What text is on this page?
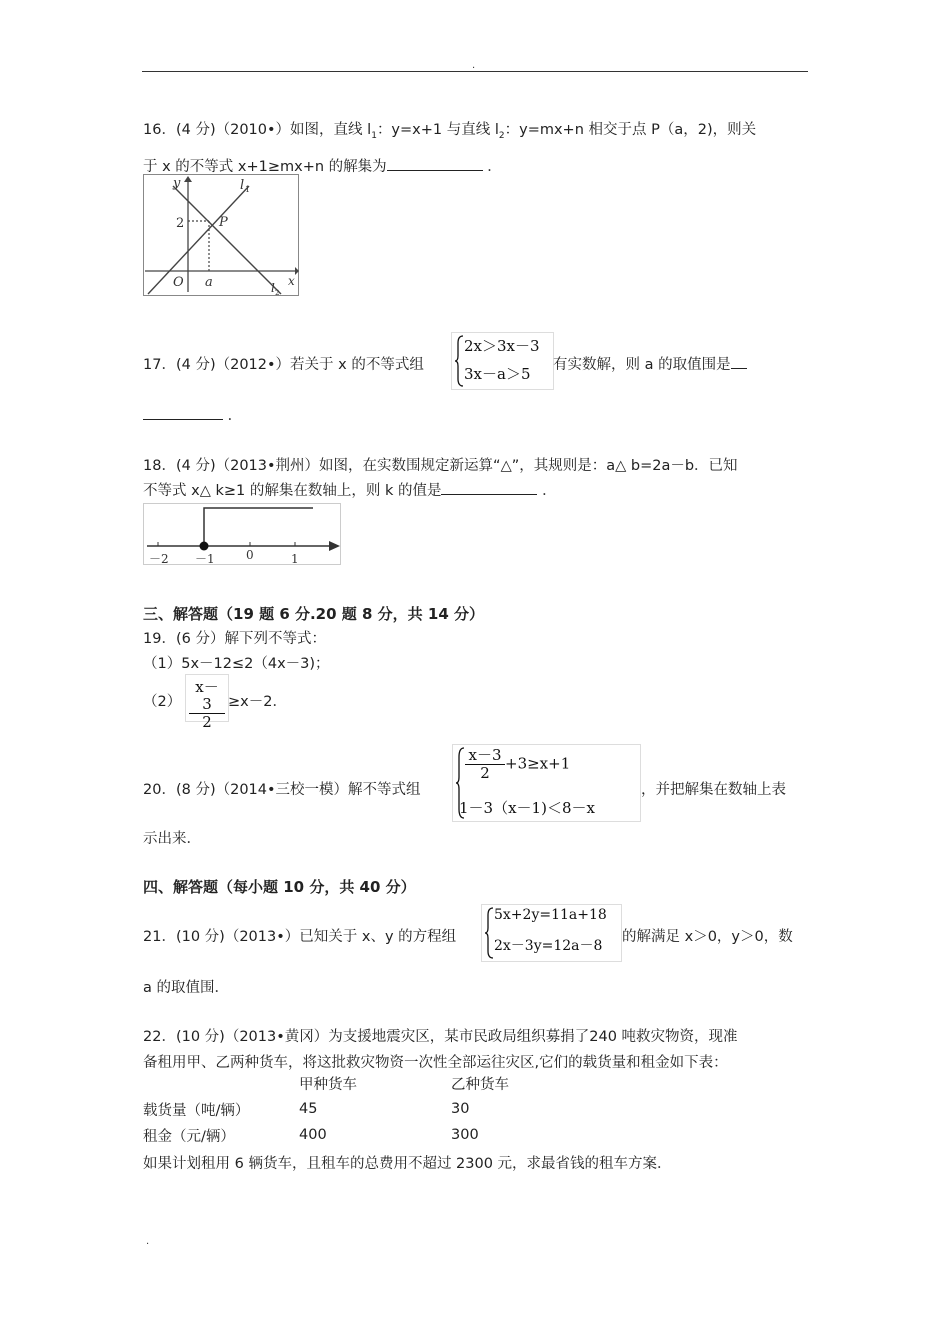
.
.
16．(4 分)（2010•）如图，直线 $l_1$：y=x+1 与直线 $l_2$：y=mx+n 相交于点 P（a，2)，则关
于 x 的不等式 x+1≥mx+n 的解集为	．
y	l 1
2	P
O a	x
l 2
17．(4 分)（2012•）若关于 x 的不等式组
2x＞3x－3
3x－a＞5 有实数解，则 a 的取值围是
．
18．(4 分)（2013•荆州）如图，在实数围规定新运算“△”，其规则是：a△ b=2a－b．已知
不等式 x△ k≥1 的解集在数轴上，则 k 的值是	．
－2 －1	0	1
三、解答题（19 题 6 分.20 题 8 分，共 14 分）
19．(6 分）解下列不等式：
（1）5x－12≤2（4x－3)；
$(2) \frac{x-3}{2} \ge x-2$．
20．(8 分)（2014•三校一模）解不等式组
$\frac{x-3}{2} +3\ge x+1$
1－3（x－1)＜8－x
，并把解集在数轴上表
示出来．
四、解答题（每小题 10 分，共 40 分）
21．(10 分)（2013•）已知关于 x、y 的方程组
5x+2y=11a+18
2x－3y=12a－8
的解满足 x＞0，y＞0，数
a 的取值围．
22．(10 分)（2013•黄冈）为支援地震灾区，某市民政局组织募捐了240 吨救灾物资，现准
备租用甲、乙两种货车，将这批救灾物资一次性全部运往灾区,它们的载货量和租金如下表：
	甲种货车	乙种货车
载货量（吨/辆）	45	30
租金（元/辆）	400	300
如果计划租用 6 辆货车，且租车的总费用不超过 2300 元，求最省钱的租车方案．
